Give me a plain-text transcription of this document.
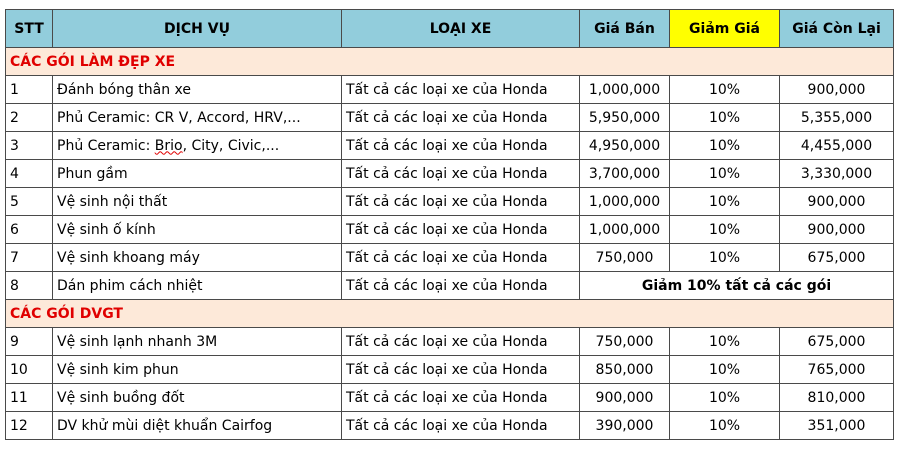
STT	DỊCH VỤ	LOẠI XE	Giá Bán	Giảm Giá	Giá Còn Lại
CÁC GÓI LÀM ĐẸP XE					
1	Đánh bóng thân xe	Tất cả các loại xe của Honda	1,000,000	10%	900,000
2	Phủ Ceramic: CR V, Accord, HRV,...	Tất cả các loại xe của Honda	5,950,000	10%	5,355,000
3	Phủ Ceramic: Brio, City, Civic,...	Tất cả các loại xe của Honda	4,950,000	10%	4,455,000
4	Phun gầm	Tất cả các loại xe của Honda	3,700,000	10%	3,330,000
5	Vệ sinh nội thất	Tất cả các loại xe của Honda	1,000,000	10%	900,000
6	Vệ sinh ố kính	Tất cả các loại xe của Honda	1,000,000	10%	900,000
7	Vệ sinh khoang máy	Tất cả các loại xe của Honda	750,000	10%	675,000
8	Dán phim cách nhiệt	Tất cả các loại xe của Honda	Giảm 10% tất cả các gói		
CÁC GÓI DVGT					
9	Vệ sinh lạnh nhanh 3M	Tất cả các loại xe của Honda	750,000	10%	675,000
10	Vệ sinh kim phun	Tất cả các loại xe của Honda	850,000	10%	765,000
11	Vệ sinh buồng đốt	Tất cả các loại xe của Honda	900,000	10%	810,000
12	DV khử mùi diệt khuẩn Cairfog	Tất cả các loại xe của Honda	390,000	10%	351,000
